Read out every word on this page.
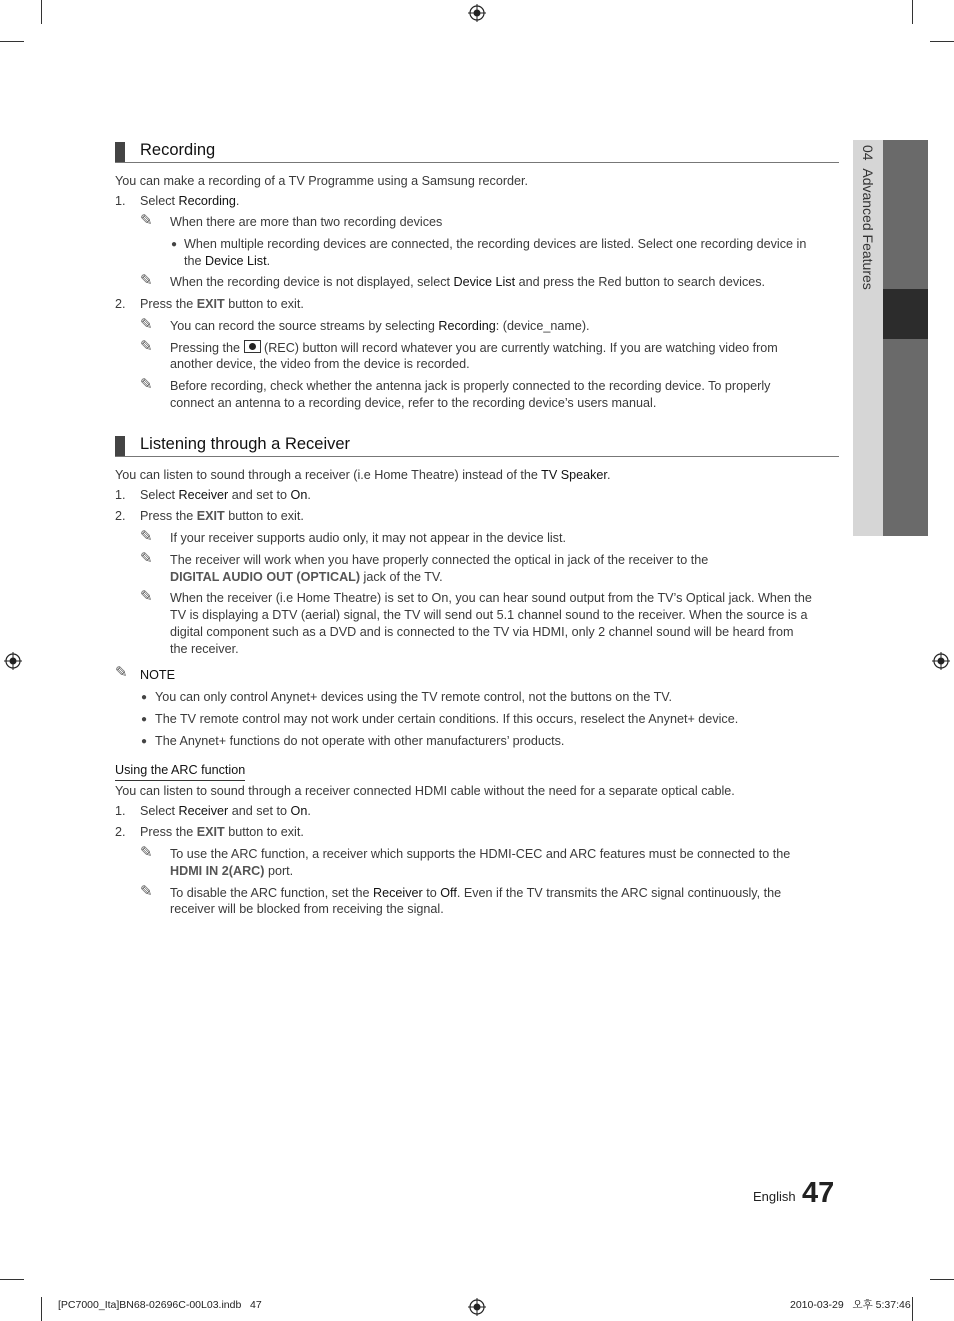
04  Advanced Features
Recording
You can make a recording of a TV Programme using a Samsung recorder.
1. Select Recording.
✎ When there are more than two recording devices
● When multiple recording devices are connected, the recording devices are listed. Select one recording device in
the Device List.
✎ When the recording device is not displayed, select Device List and press the Red button to search devices.
2. Press the EXIT button to exit.
✎ You can record the source streams by selecting Recording: (device_name).
✎ Pressing the
(REC) button will record whatever you are currently watching. If you are watching video from
another device, the video from the device is recorded.
✎ Before recording, check whether the antenna jack is properly connected to the recording device. To properly
connect an antenna to a recording device, refer to the recording device’s users manual.
Listening through a Receiver
You can listen to sound through a receiver (i.e Home Theatre) instead of the TV Speaker.
1. Select Receiver and set to On.
2. Press the EXIT button to exit.
✎ If your receiver supports audio only, it may not appear in the device list.
✎ The receiver will work when you have properly connected the optical in jack of the receiver to the
DIGITAL AUDIO OUT (OPTICAL) jack of the TV.
✎ When the receiver (i.e Home Theatre) is set to On, you can hear sound output from the TV’s Optical jack. When the
TV is displaying a DTV (aerial) signal, the TV will send out 5.1 channel sound to the receiver. When the source is a
digital component such as a DVD and is connected to the TV via HDMI, only 2 channel sound will be heard from
the receiver.
✎ NOTE
● You can only control Anynet+ devices using the TV remote control, not the buttons on the TV.
● The TV remote control may not work under certain conditions. If this occurs, reselect the Anynet+ device.
● The Anynet+ functions do not operate with other manufacturers’ products.
Using the ARC function
You can listen to sound through a receiver connected HDMI cable without the need for a separate optical cable.
1. Select Receiver and set to On.
2. Press the EXIT button to exit.
✎ To use the ARC function, a receiver which supports the HDMI-CEC and ARC features must be connected to the
HDMI IN 2(ARC) port.
✎ To disable the ARC function, set the Receiver to Off. Even if the TV transmits the ARC signal continuously, the
receiver will be blocked from receiving the signal.
English 47
[PC7000_Ita]BN68-02696C-00L03.indb   47	2010-03-29   오후 5:37:46
